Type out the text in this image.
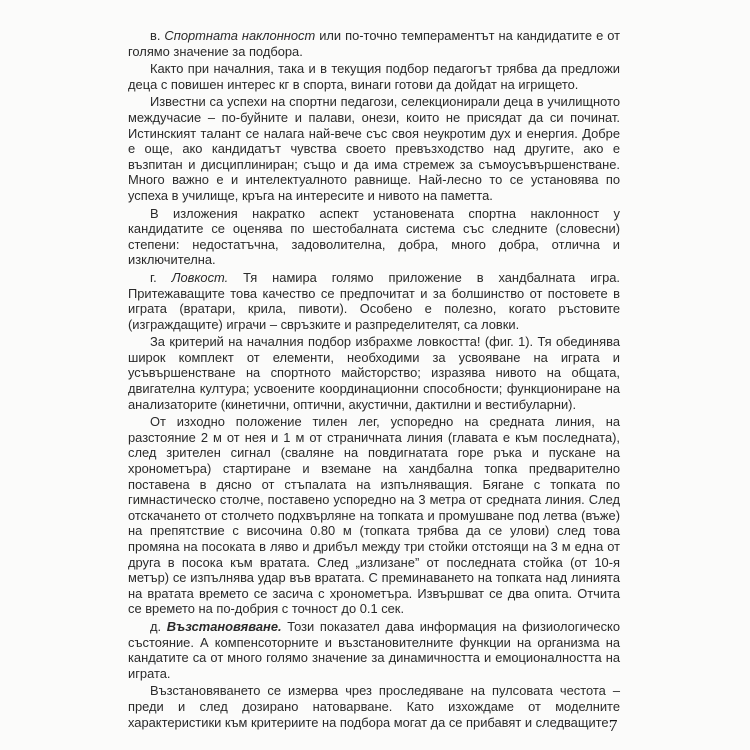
в. Спортната наклонност или по-точно темпераментът на кандидатите е от голямо значение за подбора.

Както при началния, така и в текущия подбор педагогът трябва да предложи деца с повишен интерес кг в спорта, винаги готови да дойдат на игрището.

Известни са успехи на спортни педагози, селекционирали деца в училищното междучасие – по-буйните и палави, онези, които не присядат да си починат. Истинският талант се налага най-вече със своя неукротим дух и енергия. Добре е още, ако кандидатът чувства своето превъзходство над другите, ако е възпитан и дисциплиниран; също и да има стремеж за съмоусъвършенстване. Много важно е и интелектуалното равнище. Най-лесно то се установява по успеха в училище, кръга на интересите и нивото на паметта.

В изложения накратко аспект установената спортна наклонност у кандидатите се оценява по шестобалната система със следните (словесни) степени: недостатъчна, задоволителна, добра, много добра, отлична и изключителна.

г. Ловкост. Тя намира голямо приложение в хандбалната игра. Притежаващите това качество се предпочитат и за болшинство от постовете в играта (вратари, крила, пивоти). Особено е полезно, когато ръстовите (изграждащите) играчи – свръзките и разпределителят, са ловки.

За критерий на началния подбор избрахме ловкостта! (фиг. 1). Тя обединява широк комплект от елементи, необходими за усвояване на играта и усъвършенстване на спортното майсторство; изразява нивото на общата, двигателна култура; усвоените координационни способности; функциониране на анализаторите (кинетични, оптични, акустични, дактилни и вестибуларни).

От изходно положение тилен лег, успоредно на средната линия, на разстояние 2 м от нея и 1 м от страничната линия (главата е към последната), след зрителен сигнал (сваляне на повдигнатата горе ръка и пускане на хронометъра) стартиране и вземане на хандбална топка предварително поставена в дясно от стъпалата на изпълняващия. Бягане с топката по гимнастическо столче, поставено успоредно на 3 метра от средната линия. След отскачането от столчето подхвърляне на топката и промушване под летва (въже) на препятствие с височина 0.80 м (топката трябва да се улови) след това промяна на посоката в ляво и дрибъл между три стойки отстоящи на 3 м една от друга в посока към вратата. След „излизане” от последната стойка (от 10-я метър) се изпълнява удар във вратата. С преминаването на топката над линията на вратата времето се засича с хронометъра. Извършват се два опита. Отчита се времето на по-добрия с точност до 0.1 сек.

д. Възстановяване. Този показател дава информация на физиологическо състояние. А компенсоторните и възстановителните функции на организма на кандатите са от много голямо значение за динамичността и емоционалността на играта.

Възстановяването се измерва чрез проследяване на пулсовата честота – преди и след дозирано натоварване. Като изхождаме от моделните характеристики към критериите на подбора могат да се прибавят и следващите:

7
